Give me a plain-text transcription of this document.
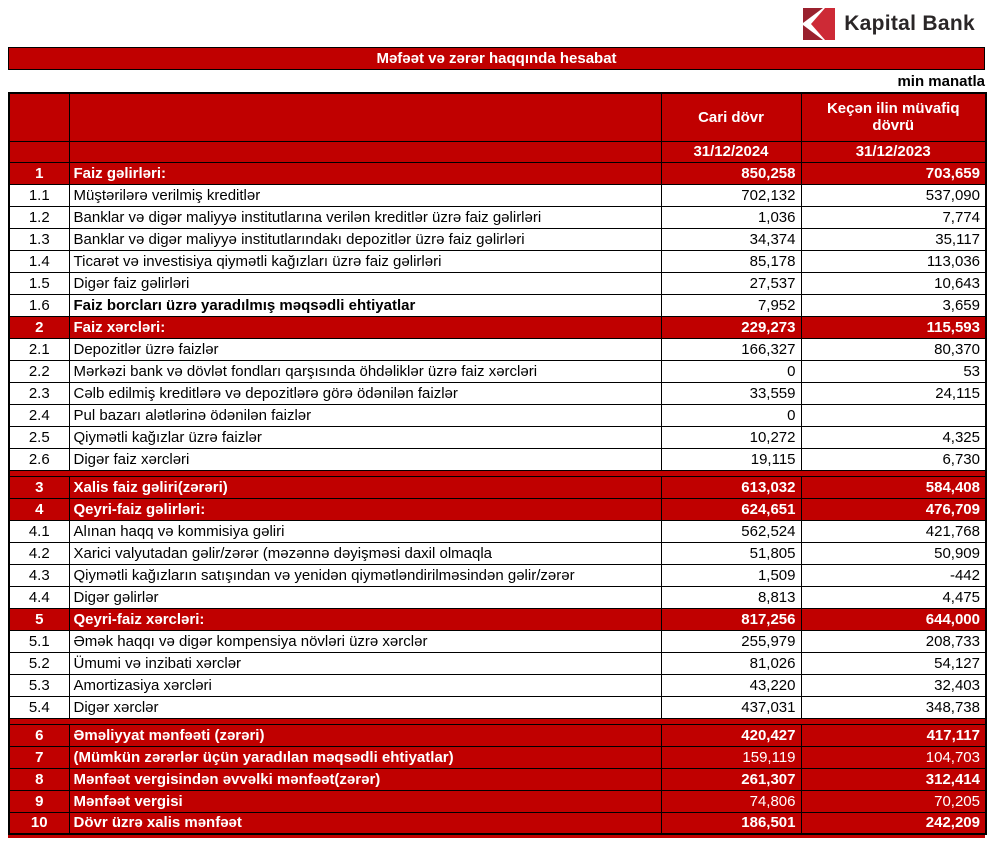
Kapital Bank
Məfəət və zərər haqqında hesabat
min manatla
		Cari dövr	Keçən ilin müvafiq dövrü
		31/12/2024	31/12/2023
1	Faiz gəlirləri:	850,258	703,659
1.1	Müştərilərə verilmiş kreditlər	702,132	537,090
1.2	Banklar və digər maliyyə institutlarına verilən kreditlər üzrə faiz gəlirləri	1,036	7,774
1.3	Banklar və digər maliyyə institutlarındakı depozitlər üzrə faiz gəlirləri	34,374	35,117
1.4	Ticarət və investisiya qiymətli kağızları üzrə faiz gəlirləri	85,178	113,036
1.5	Digər faiz gəlirləri	27,537	10,643
1.6	Faiz borcları üzrə yaradılmış məqsədli ehtiyatlar	7,952	3,659
2	Faiz xərcləri:	229,273	115,593
2.1	Depozitlər üzrə faizlər	166,327	80,370
2.2	Mərkəzi bank və dövlət fondları qarşısında öhdəliklər üzrə faiz xərcləri	0	53
2.3	Cəlb edilmiş kreditlərə və depozitlərə görə ödənilən faizlər	33,559	24,115
2.4	Pul bazarı alətlərinə ödənilən faizlər	0	
2.5	Qiymətli kağızlar üzrə faizlər	10,272	4,325
2.6	Digər faiz xərcləri	19,115	6,730

3	Xalis faiz gəliri(zərəri)	613,032	584,408
4	Qeyri-faiz gəlirləri:	624,651	476,709
4.1	Alınan haqq və kommisiya gəliri	562,524	421,768
4.2	Xarici valyutadan gəlir/zərər (məzənnə dəyişməsi daxil olmaqla	51,805	50,909
4.3	Qiymətli kağızların satışından və yenidən qiymətləndirilməsindən gəlir/zərər	1,509	-442
4.4	Digər gəlirlər	8,813	4,475
5	Qeyri-faiz xərcləri:	817,256	644,000
5.1	Əmək haqqı və digər kompensiya növləri üzrə xərclər	255,979	208,733
5.2	Ümumi və inzibati xərclər	81,026	54,127
5.3	Amortizasiya xərcləri	43,220	32,403
5.4	Digər xərclər	437,031	348,738

6	Əməliyyat mənfəəti (zərəri)	420,427	417,117
7	(Mümkün zərərlər üçün yaradılan məqsədli ehtiyatlar)	159,119	104,703
8	Mənfəət vergisindən əvvəlki mənfəət(zərər)	261,307	312,414
9	Mənfəət vergisi	74,806	70,205
10	Dövr üzrə xalis mənfəət	186,501	242,209
